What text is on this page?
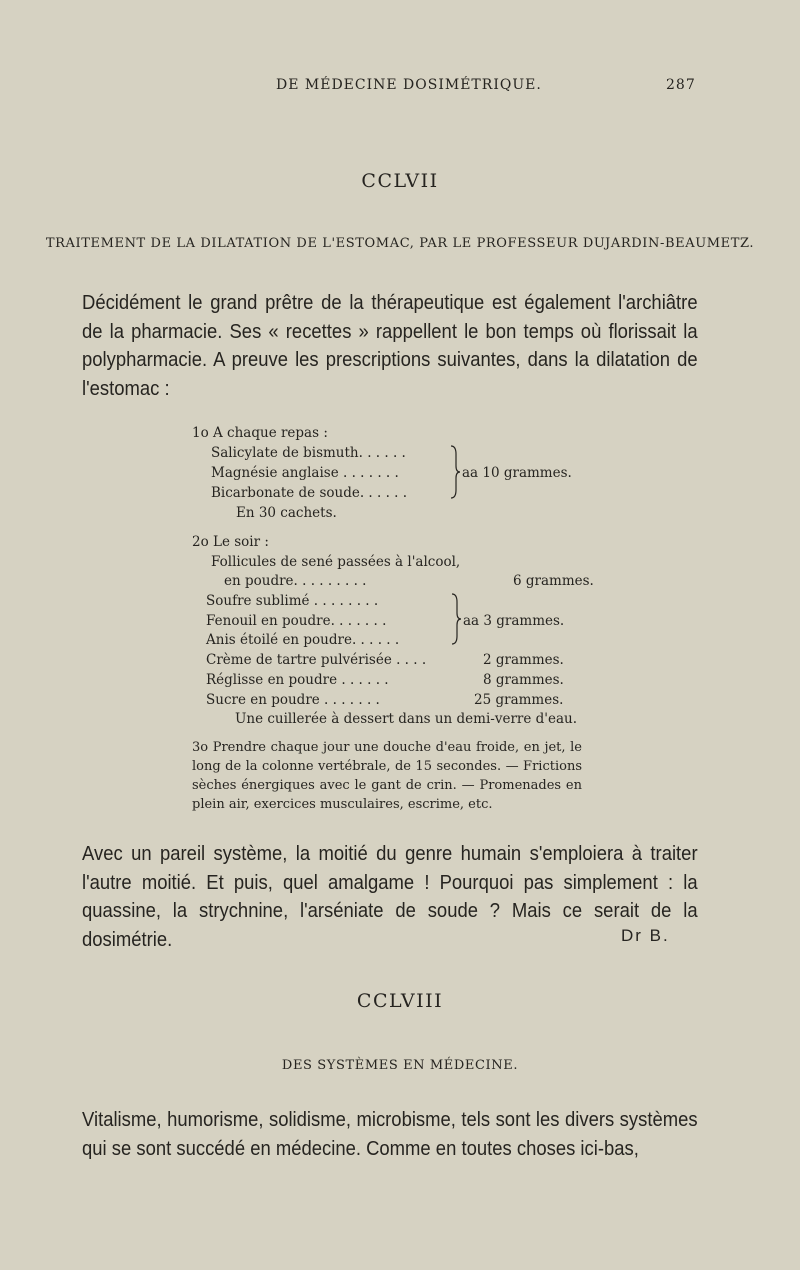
DE MÉDECINE DOSIMÉTRIQUE.	287
CCLVII
TRAITEMENT DE LA DILATATION DE L'ESTOMAC, PAR LE PROFESSEUR DUJARDIN-BEAUMETZ.
Décidément le grand prêtre de la thérapeutique est également l'archiâtre de la pharmacie. Ses « recettes » rappellent le bon temps où florissait la polypharmacie. A preuve les prescriptions suivantes, dans la dilatation de l'estomac :
1o A chaque repas :
Salicylate de bismuth. . . . . .
Magnésie anglaise . . . . . . .
Bicarbonate de soude. . . . . .
aa 10 grammes.
En 30 cachets.
2o Le soir :
Follicules de sené passées à l'alcool,
en poudre. . . . . . . . .	6 grammes.
Soufre sublimé . . . . . . . .
Fenouil en poudre. . . . . . .
Anis étoilé en poudre. . . . . .
aa 3 grammes.
Crème de tartre pulvérisée . . . .	2 grammes.
Réglisse en poudre . . . . . .	8 grammes.
Sucre en poudre . . . . . . .	25 grammes.
Une cuillerée à dessert dans un demi-verre d'eau.
3o Prendre chaque jour une douche d'eau froide, en jet, le long de la colonne vertébrale, de 15 secondes. — Frictions sèches énergiques avec le gant de crin. — Promenades en plein air, exercices musculaires, escrime, etc.
Avec un pareil système, la moitié du genre humain s'emploiera à traiter l'autre moitié. Et puis, quel amalgame ! Pourquoi pas simplement : la quassine, la strychnine, l'arséniate de soude ? Mais ce serait de la dosimétrie.	Dr B.
CCLVIII
DES SYSTÈMES EN MÉDECINE.
Vitalisme, humorisme, solidisme, microbisme, tels sont les divers systèmes qui se sont succédé en médecine. Comme en toutes choses ici-bas,
